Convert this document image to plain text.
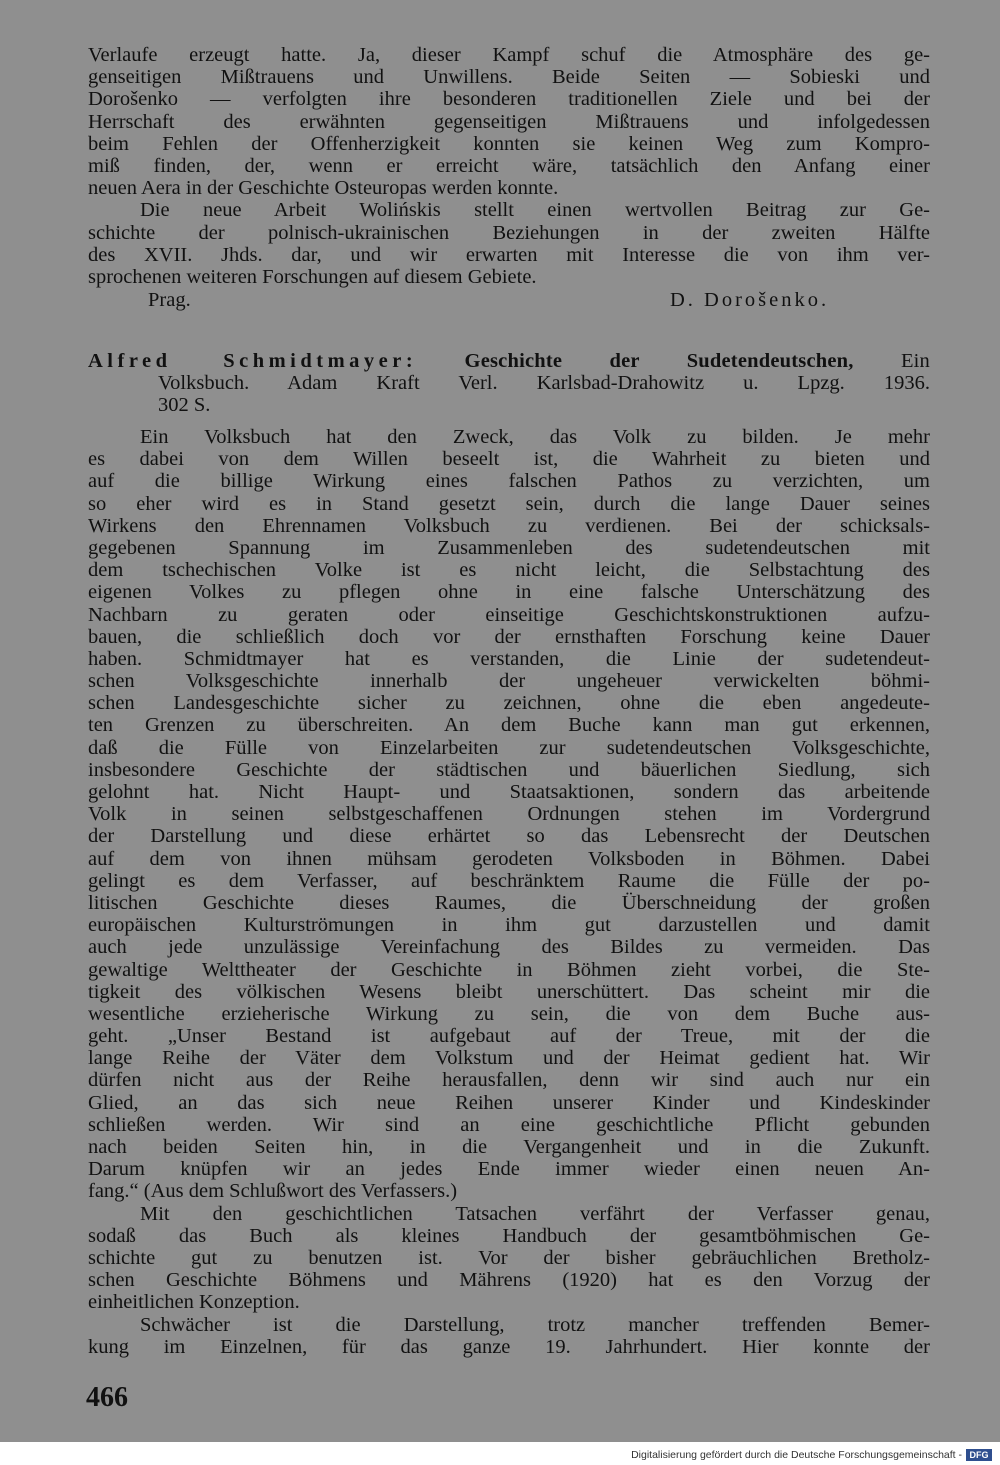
Verlaufe erzeugt hatte. Ja, dieser Kampf schuf die Atmosphäre des ge-
genseitigen Mißtrauens und Unwillens. Beide Seiten — Sobieski und
Dorošenko — verfolgten ihre besonderen traditionellen Ziele und bei der
Herrschaft des erwähnten gegenseitigen Mißtrauens und infolgedessen
beim Fehlen der Offenherzigkeit konnten sie keinen Weg zum Kompro-
miß finden, der, wenn er erreicht wäre, tatsächlich den Anfang einer
neuen Aera in der Geschichte Osteuropas werden konnte.
Die neue Arbeit Wolińskis stellt einen wertvollen Beitrag zur Ge-
schichte der polnisch-ukrainischen Beziehungen in der zweiten Hälfte
des XVII. Jhds. dar, und wir erwarten mit Interesse die von ihm ver-
sprochenen weiteren Forschungen auf diesem Gebiete.
Prag.	D. Dorošenko.
Alfred Schmidtmayer: Geschichte der Sudetendeutschen, Ein
Volksbuch. Adam Kraft Verl. Karlsbad-Drahowitz u. Lpzg. 1936.
302 S.
Ein Volksbuch hat den Zweck, das Volk zu bilden. Je mehr
es dabei von dem Willen beseelt ist, die Wahrheit zu bieten und
auf die billige Wirkung eines falschen Pathos zu verzichten, um
so eher wird es in Stand gesetzt sein, durch die lange Dauer seines
Wirkens den Ehrennamen Volksbuch zu verdienen. Bei der schicksals-
gegebenen Spannung im Zusammenleben des sudetendeutschen mit
dem tschechischen Volke ist es nicht leicht, die Selbstachtung des
eigenen Volkes zu pflegen ohne in eine falsche Unterschätzung des
Nachbarn zu geraten oder einseitige Geschichtskonstruktionen aufzu-
bauen, die schließlich doch vor der ernsthaften Forschung keine Dauer
haben. Schmidtmayer hat es verstanden, die Linie der sudetendeut-
schen Volksgeschichte innerhalb der ungeheuer verwickelten böhmi-
schen Landesgeschichte sicher zu zeichnen, ohne die eben angedeute-
ten Grenzen zu überschreiten. An dem Buche kann man gut erkennen,
daß die Fülle von Einzelarbeiten zur sudetendeutschen Volksgeschichte,
insbesondere Geschichte der städtischen und bäuerlichen Siedlung, sich
gelohnt hat. Nicht Haupt- und Staatsaktionen, sondern das arbeitende
Volk in seinen selbstgeschaffenen Ordnungen stehen im Vordergrund
der Darstellung und diese erhärtet so das Lebensrecht der Deutschen
auf dem von ihnen mühsam gerodeten Volksboden in Böhmen. Dabei
gelingt es dem Verfasser, auf beschränktem Raume die Fülle der po-
litischen Geschichte dieses Raumes, die Überschneidung der großen
europäischen Kulturströmungen in ihm gut darzustellen und damit
auch jede unzulässige Vereinfachung des Bildes zu vermeiden. Das
gewaltige Welttheater der Geschichte in Böhmen zieht vorbei, die Ste-
tigkeit des völkischen Wesens bleibt unerschüttert. Das scheint mir die
wesentliche erzieherische Wirkung zu sein, die von dem Buche aus-
geht. „Unser Bestand ist aufgebaut auf der Treue, mit der die
lange Reihe der Väter dem Volkstum und der Heimat gedient hat. Wir
dürfen nicht aus der Reihe herausfallen, denn wir sind auch nur ein
Glied, an das sich neue Reihen unserer Kinder und Kindeskinder
schließen werden. Wir sind an eine geschichtliche Pflicht gebunden
nach beiden Seiten hin, in die Vergangenheit und in die Zukunft.
Darum knüpfen wir an jedes Ende immer wieder einen neuen An-
fang.“ (Aus dem Schlußwort des Verfassers.)
Mit den geschichtlichen Tatsachen verfährt der Verfasser genau,
sodaß das Buch als kleines Handbuch der gesamtböhmischen Ge-
schichte gut zu benutzen ist. Vor der bisher gebräuchlichen Bretholz-
schen Geschichte Böhmens und Mährens (1920) hat es den Vorzug der
einheitlichen Konzeption.
Schwächer ist die Darstellung, trotz mancher treffenden Bemer-
kung im Einzelnen, für das ganze 19. Jahrhundert. Hier konnte der
466
Digitalisierung gefördert durch die Deutsche Forschungsgemeinschaft - DFG
